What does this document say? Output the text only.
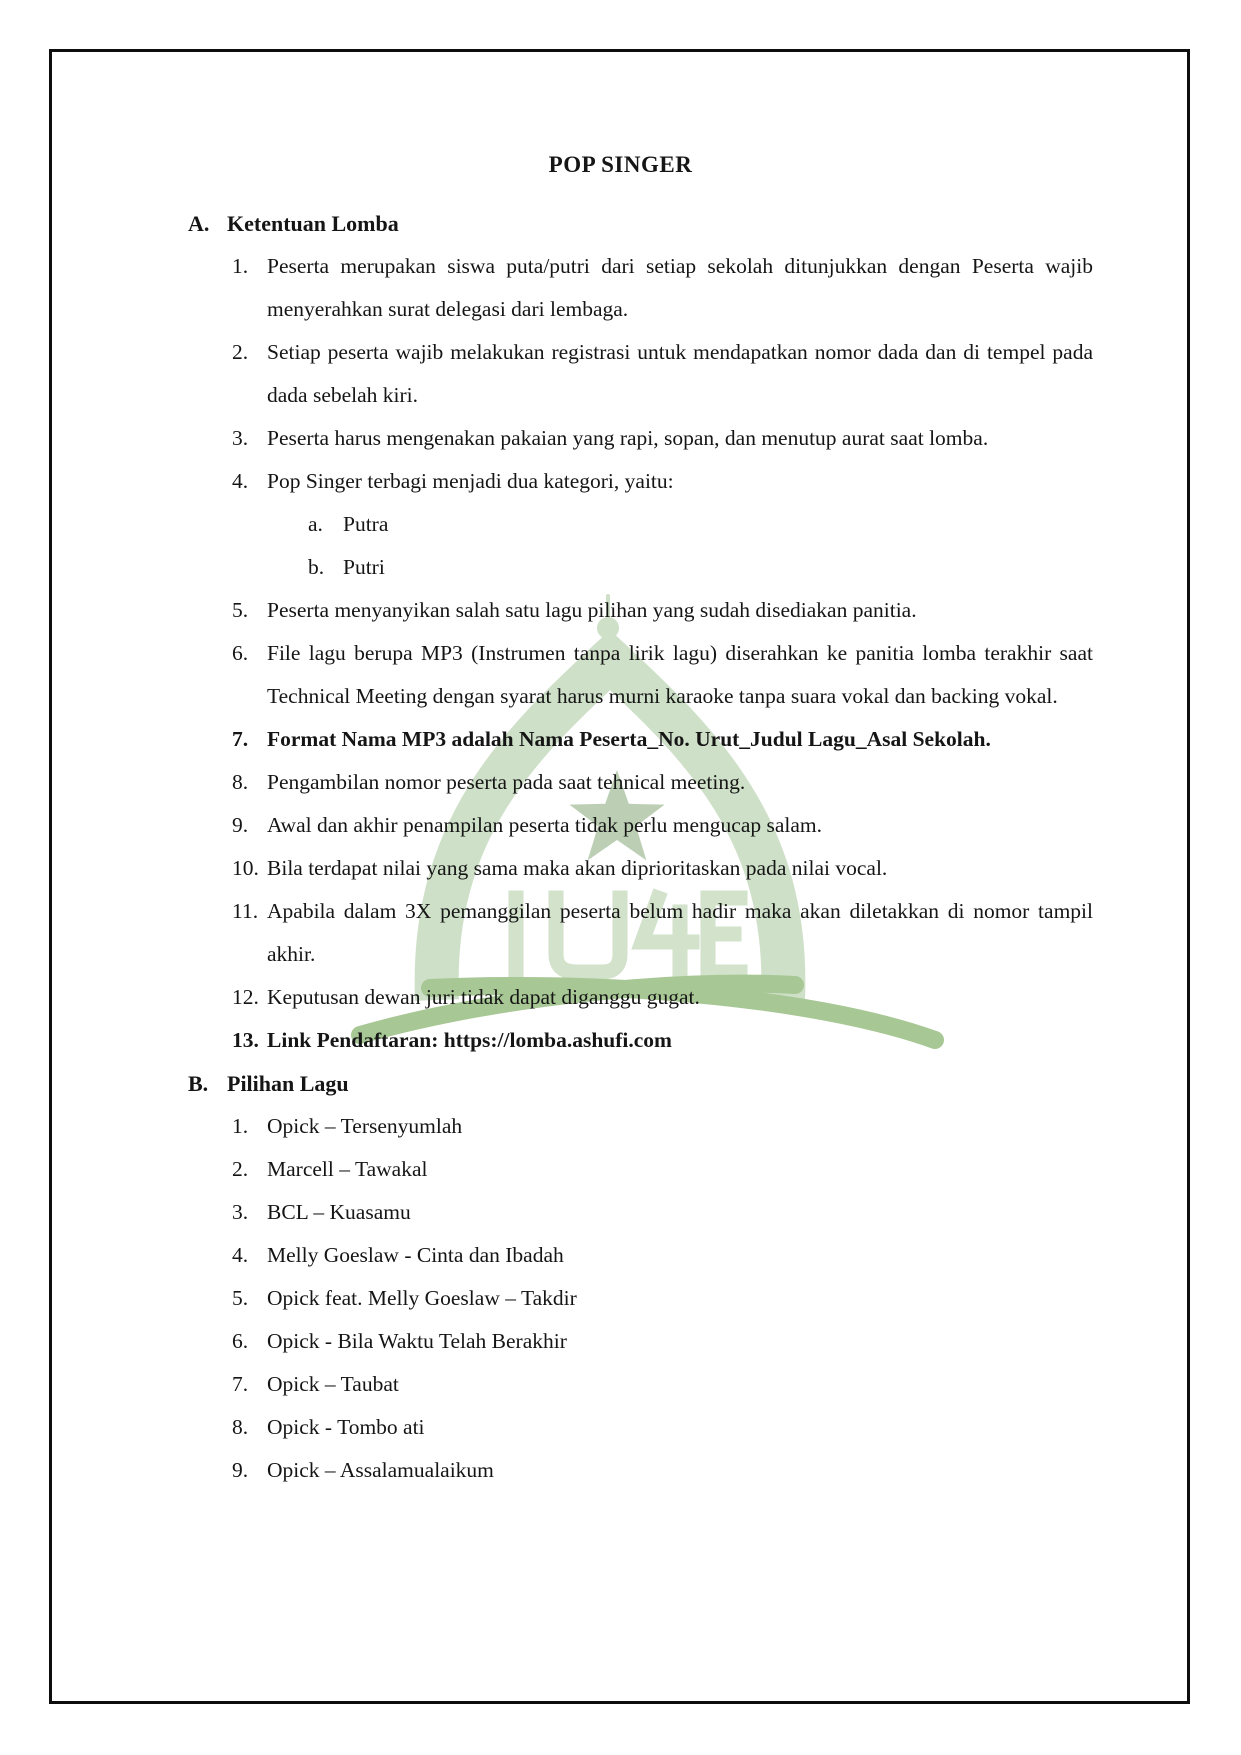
POP SINGER
A. Ketentuan Lomba
1. Peserta merupakan siswa puta/putri dari setiap sekolah ditunjukkan dengan Peserta wajib menyerahkan surat delegasi dari lembaga.
2. Setiap peserta wajib melakukan registrasi untuk mendapatkan nomor dada dan di tempel pada dada sebelah kiri.
3. Peserta harus mengenakan pakaian yang rapi, sopan, dan menutup aurat saat lomba.
4. Pop Singer terbagi menjadi dua kategori, yaitu:
a. Putra
b. Putri
5. Peserta menyanyikan salah satu lagu pilihan yang sudah disediakan panitia.
6. File lagu berupa MP3 (Instrumen tanpa lirik lagu) diserahkan ke panitia lomba terakhir saat Technical Meeting dengan syarat harus murni karaoke tanpa suara vokal dan backing vokal.
7. Format Nama MP3 adalah Nama Peserta_No. Urut_Judul Lagu_Asal Sekolah.
8. Pengambilan nomor peserta pada saat tehnical meeting.
9. Awal dan akhir penampilan peserta tidak perlu mengucap salam.
10. Bila terdapat nilai yang sama maka akan diprioritaskan pada nilai vocal.
11. Apabila dalam 3X pemanggilan peserta belum hadir maka akan diletakkan di nomor tampil akhir.
12. Keputusan dewan juri tidak dapat diganggu gugat.
13. Link Pendaftaran: https://lomba.ashufi.com
B. Pilihan Lagu
1. Opick – Tersenyumlah
2. Marcell – Tawakal
3. BCL – Kuasamu
4. Melly Goeslaw - Cinta dan Ibadah
5. Opick feat. Melly Goeslaw – Takdir
6. Opick - Bila Waktu Telah Berakhir
7. Opick – Taubat
8. Opick - Tombo ati
9. Opick – Assalamualaikum
